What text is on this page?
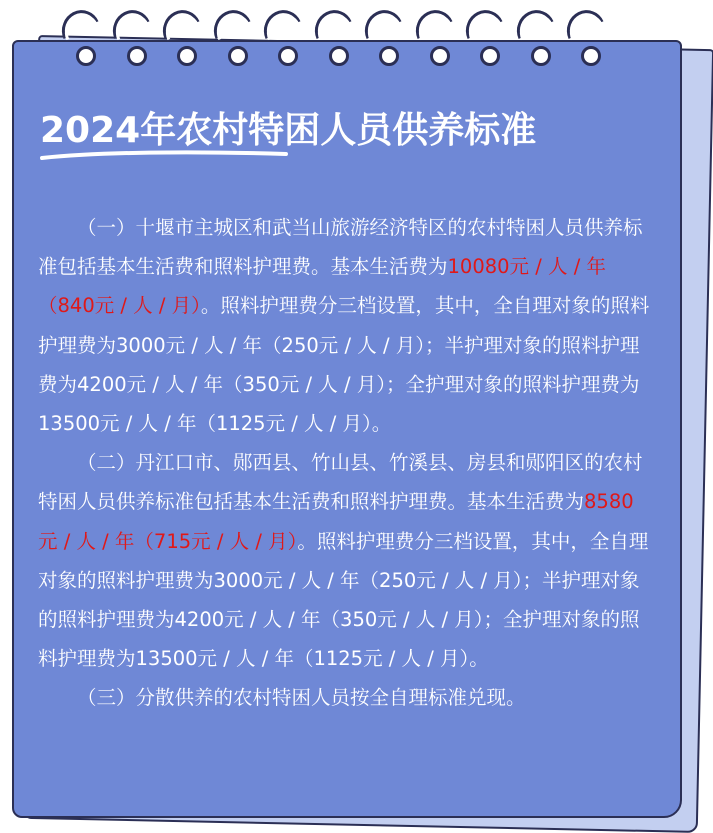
2024年农村特困人员供养标准

（一）十堰市主城区和武当山旅游经济特区的农村特困人员供养标准包括基本生活费和照料护理费。基本生活费为10080元 / 人 / 年（840元 / 人 / 月）。照料护理费分三档设置，其中，全自理对象的照料护理费为3000元 / 人 / 年（250元 / 人 / 月）；半护理对象的照料护理费为4200元 / 人 / 年（350元 / 人 / 月）；全护理对象的照料护理费为13500元 / 人 / 年（1125元 / 人 / 月）。

（二）丹江口市、郧西县、竹山县、竹溪县、房县和郧阳区的农村特困人员供养标准包括基本生活费和照料护理费。基本生活费为8580元 / 人 / 年（715元 / 人 / 月）。照料护理费分三档设置，其中，全自理对象的照料护理费为3000元 / 人 / 年（250元 / 人 / 月）；半护理对象的照料护理费为4200元 / 人 / 年（350元 / 人 / 月）；全护理对象的照料护理费为13500元 / 人 / 年（1125元 / 人 / 月）。

（三）分散供养的农村特困人员按全自理标准兑现。
